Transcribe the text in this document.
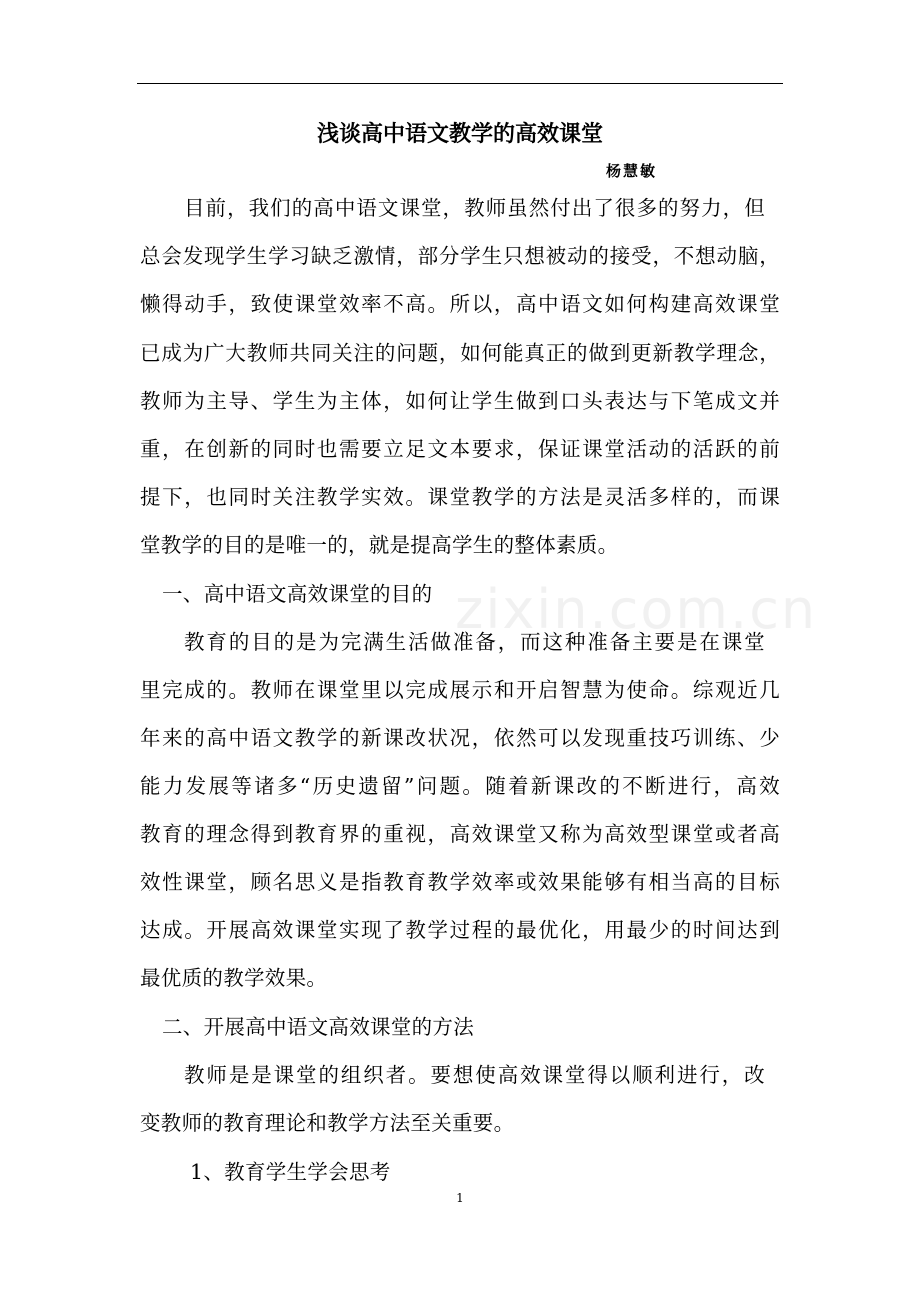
zixin.com.cn
浅谈高中语文教学的高效课堂
杨慧敏
目前，我们的高中语文课堂，教师虽然付出了很多的努力，但
总会发现学生学习缺乏激情，部分学生只想被动的接受，不想动脑，
懒得动手，致使课堂效率不高。所以，高中语文如何构建高效课堂
已成为广大教师共同关注的问题，如何能真正的做到更新教学理念，
教师为主导、学生为主体，如何让学生做到口头表达与下笔成文并
重，在创新的同时也需要立足文本要求，保证课堂活动的活跃的前
提下，也同时关注教学实效。课堂教学的方法是灵活多样的，而课
堂教学的目的是唯一的，就是提高学生的整体素质。
一、高中语文高效课堂的目的
教育的目的是为完满生活做准备，而这种准备主要是在课堂
里完成的。教师在课堂里以完成展示和开启智慧为使命。综观近几
年来的高中语文教学的新课改状况，依然可以发现重技巧训练、少
能力发展等诸多“历史遗留”问题。随着新课改的不断进行，高效
教育的理念得到教育界的重视，高效课堂又称为高效型课堂或者高
效性课堂，顾名思义是指教育教学效率或效果能够有相当高的目标
达成。开展高效课堂实现了教学过程的最优化，用最少的时间达到
最优质的教学效果。
二、开展高中语文高效课堂的方法
教师是是课堂的组织者。要想使高效课堂得以顺利进行，改
变教师的教育理论和教学方法至关重要。
1、教育学生学会思考
1
